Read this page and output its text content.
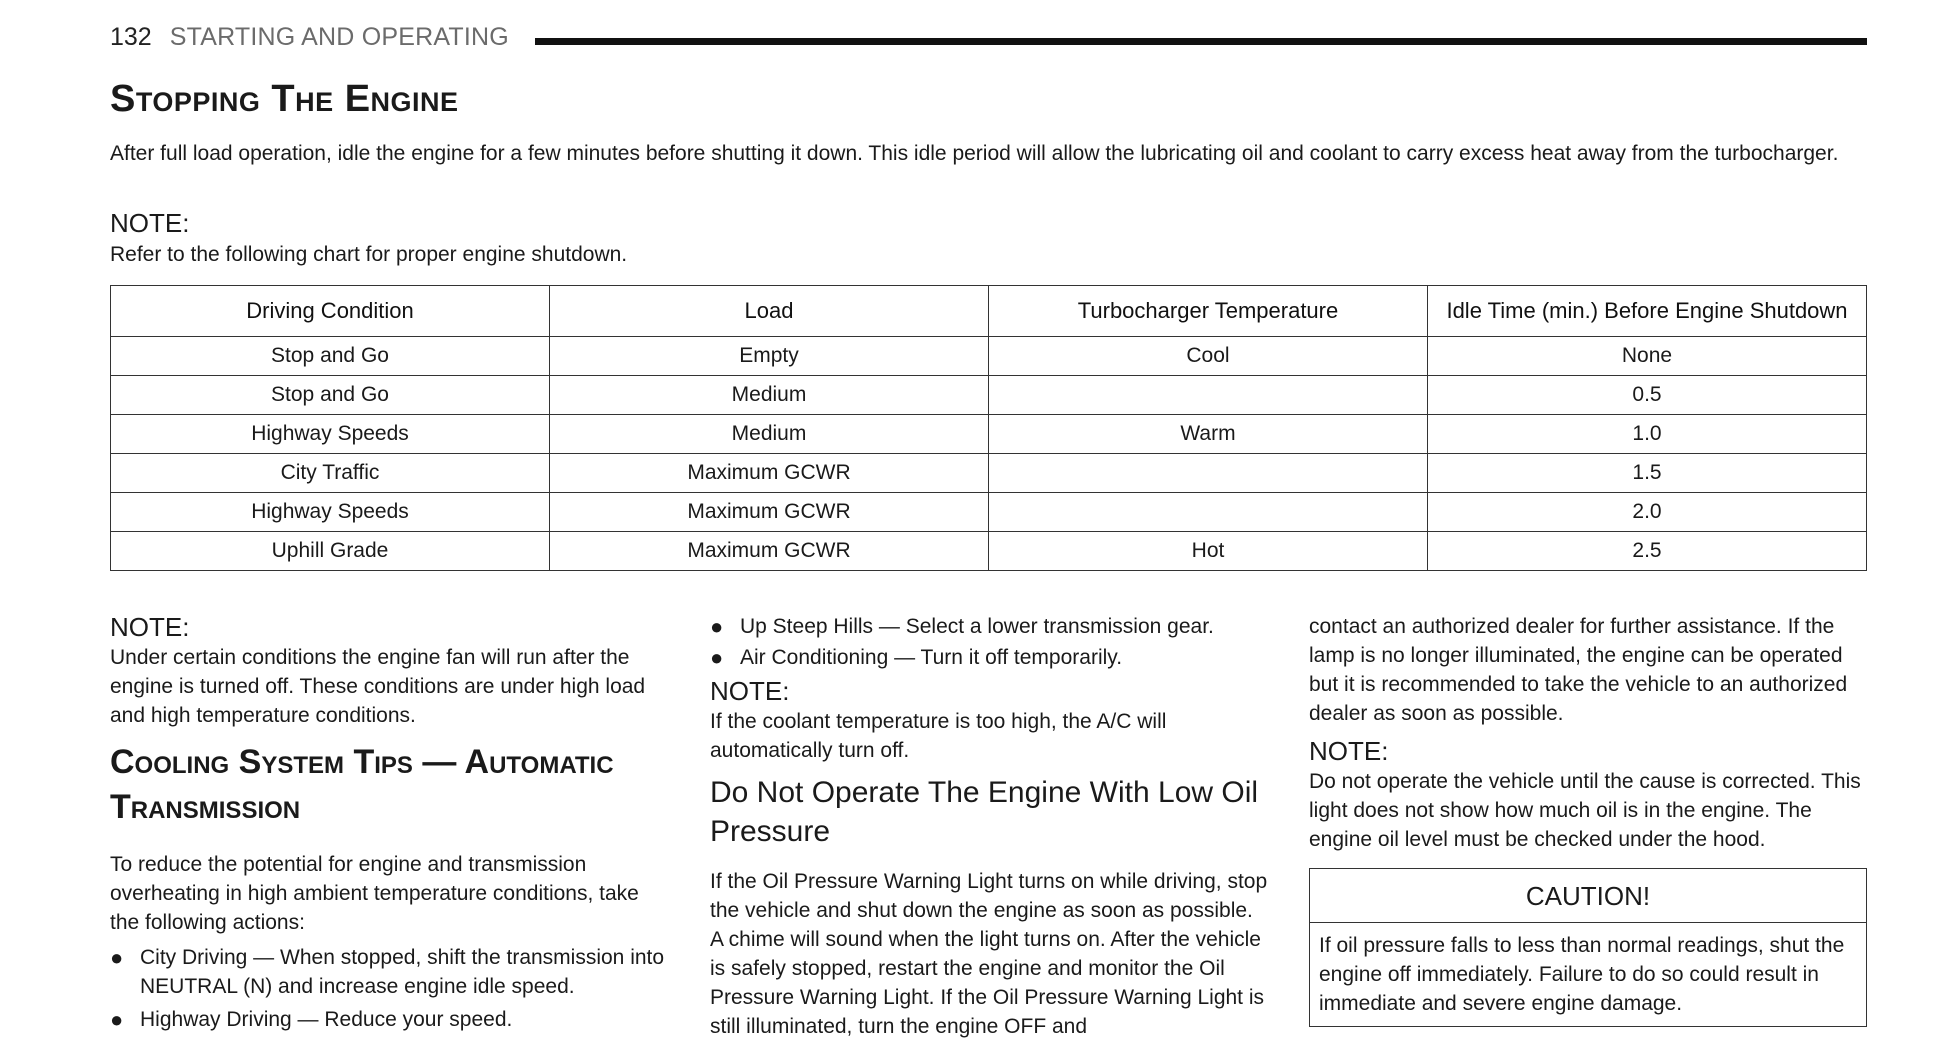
132 STARTING AND OPERATING
Stopping The Engine

After full load operation, idle the engine for a few minutes before shutting it down. This idle period will allow the lubricating oil and coolant to carry excess heat away from the turbocharger.

NOTE:

Refer to the following chart for proper engine shutdown.

Driving Condition	Load	Turbocharger Temperature	Idle Time (min.) Before Engine Shutdown
Stop and Go	Empty	Cool	None
Stop and Go	Medium		0.5
Highway Speeds	Medium	Warm	1.0
City Traffic	Maximum GCWR		1.5
Highway Speeds	Maximum GCWR		2.0
Uphill Grade	Maximum GCWR	Hot	2.5

NOTE:

Under certain conditions the engine fan will run after the engine is turned off. These conditions are under high load and high temperature conditions.

Cooling System Tips — Automatic Transmission

To reduce the potential for engine and transmission overheating in high ambient temperature conditions, take the following actions:

● City Driving — When stopped, shift the transmission into NEUTRAL (N) and increase engine idle speed.
● Highway Driving — Reduce your speed.
● Up Steep Hills — Select a lower transmission gear.
● Air Conditioning — Turn it off temporarily.

NOTE:

If the coolant temperature is too high, the A/C will automatically turn off.

Do Not Operate The Engine With Low Oil Pressure

If the Oil Pressure Warning Light turns on while driving, stop the vehicle and shut down the engine as soon as possible. A chime will sound when the light turns on. After the vehicle is safely stopped, restart the engine and monitor the Oil Pressure Warning Light. If the Oil Pressure Warning Light is still illuminated, turn the engine OFF and

contact an authorized dealer for further assistance. If the lamp is no longer illuminated, the engine can be operated but it is recommended to take the vehicle to an authorized dealer as soon as possible.

NOTE:

Do not operate the vehicle until the cause is corrected. This light does not show how much oil is in the engine. The engine oil level must be checked under the hood.

CAUTION!
If oil pressure falls to less than normal readings, shut the engine off immediately. Failure to do so could result in immediate and severe engine damage.
